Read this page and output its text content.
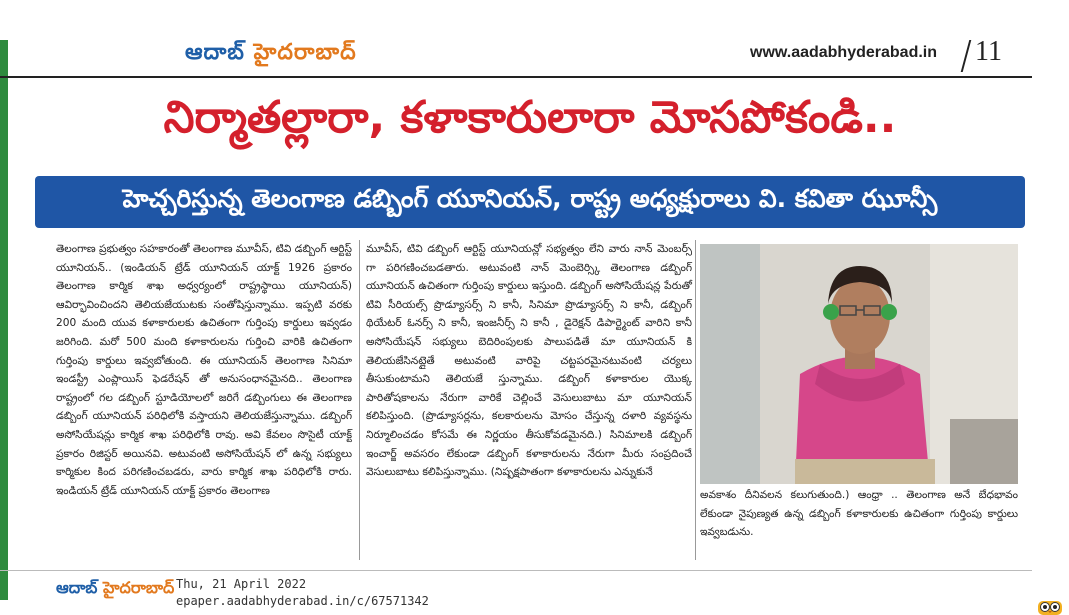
ఆదాబ్ హైదరాబాద్	www.aadabhyderabad.in 11
నిర్మాతల్లారా, కళాకారులారా మోసపోకండి..
హెచ్చరిస్తున్న తెలంగాణ డబ్బింగ్ యూనియన్, రాష్ట్ర అధ్యక్షురాలు వి. కవితా ఝూన్సీ
తెలంగాణ ప్రభుత్వం సహకారంతో తెలంగాణ మూవీస్, టివి డబ్బింగ్ ఆర్టిస్ట్ యూనియన్.. (ఇండియన్ ట్రేడ్ యూనియన్ యాక్ట్ 1926 ప్రకారం తెలంగాణ కార్మిక శాఖ అధ్వర్యంలో రాష్ట్రస్థాయి యూనియన్) ఆవిర్భావించిందని తెలియజేయుటకు సంతోషిస్తున్నాము. ఇప్పటి వరకు 200 మంది యువ కళాకారులకు ఉచితంగా గుర్తింపు కార్డులు ఇవ్వడం జరిగింది. మరో 500 మంది కళాకారులను గుర్తించి వారికి ఉచితంగా గుర్తింపు కార్డులు ఇవ్వబోతుంది. ఈ యూనియన్ తెలంగాణ సినిమా ఇండస్ట్రీ ఎంప్లాయిస్ ఫెడరేషన్ తో అనుసంధానమైనది.. తెలంగాణ రాష్ట్రంలో గల డబ్బింగ్ స్టూడియోలలో జరిగే డబ్బింగులు ఈ తెలంగాణ డబ్బింగ్ యూనియన్ పరిధిలోకి వస్తాయని తెలియజేస్తున్నాము. డబ్బింగ్ అసోసియేషన్లు కార్మిక శాఖ పరిధిలోకి రావు. అవి కేవలం సొసైటీ యాక్ట్ ప్రకారం రిజిస్టర్ అయినవి. అటువంటి అసోసియేషన్ లో ఉన్న సభ్యులు కార్మికుల కింద పరిగణించబడరు, వారు కార్మిక శాఖ పరిధిలోకి రారు. ఇండియన్ ట్రేడ్ యూనియన్ యాక్ట్ ప్రకారం తెలంగాణ
మూవీస్, టివి డబ్బింగ్ ఆర్టిస్ట్ యూనియన్లో సభ్యత్వం లేని వారు నాన్ మెంబర్స్ గా పరిగణించబడతారు. అటువంటి నాన్ మెంబెర్స్కి తెలంగాణ డబ్బింగ్ యూనియన్ ఉచితంగా గుర్తింపు కార్డులు ఇస్తుంది. డబ్బింగ్ అసోసియేషన్ల పేరుతో టివి సీరియల్స్ ప్రొడ్యూసర్స్ ని కానీ, సినిమా ప్రొడ్యూసర్స్ ని కానీ, డబ్బింగ్ థియేటర్ ఓనర్స్ ని కానీ, ఇంజనీర్స్ ని కానీ , డైరెక్షన్ డిపార్ట్మెంట్ వారిని కానీ అసోసియేషన్ సభ్యులు బెదిరింపులకు పాలుపడితే మా యూనియన్ కి తెలియజేసినట్లైతే అటువంటి వారిపై చట్టపరమైనటువంటి చర్యలు తీసుకుంటామని తెలియజే స్తున్నాము. డబ్బింగ్ కళాకారుల యొక్క పారితోషకాలను నేరుగా వారికే చెల్లించే వెసులుబాటు మా యూనియన్ కలిపిస్తుంది. (ప్రొడ్యూసర్లను, కలకారులను మోసం చేస్తున్న దళారి వ్యవస్థను నిర్మూలించడం కోసమే ఈ నిర్ణయం తీసుకోవడమైనది.) సినిమాలకి డబ్బింగ్ ఇంచార్జ్ అవసరం లేకుండా డబ్బింగ్ కళాకారులను నేరుగా మీరు సంప్రదించే వెసులుబాటు కలిపిస్తున్నాము. (నిష్పక్షపాతంగా కళాకారులను ఎన్నుకునే
అవకాశం దీనివలన కలుగుతుంది.) ఆంధ్రా .. తెలంగాణ అనే బేధభావం లేకుండా నైపుణ్యత ఉన్న డబ్బింగ్ కళాకారులకు ఉచితంగా గుర్తింపు కార్డులు ఇవ్వబడును.
ఆదాబ్ హైదరాబాద్ Thu, 21 April 2022
epaper.aadabhyderabad.in/c/67571342
